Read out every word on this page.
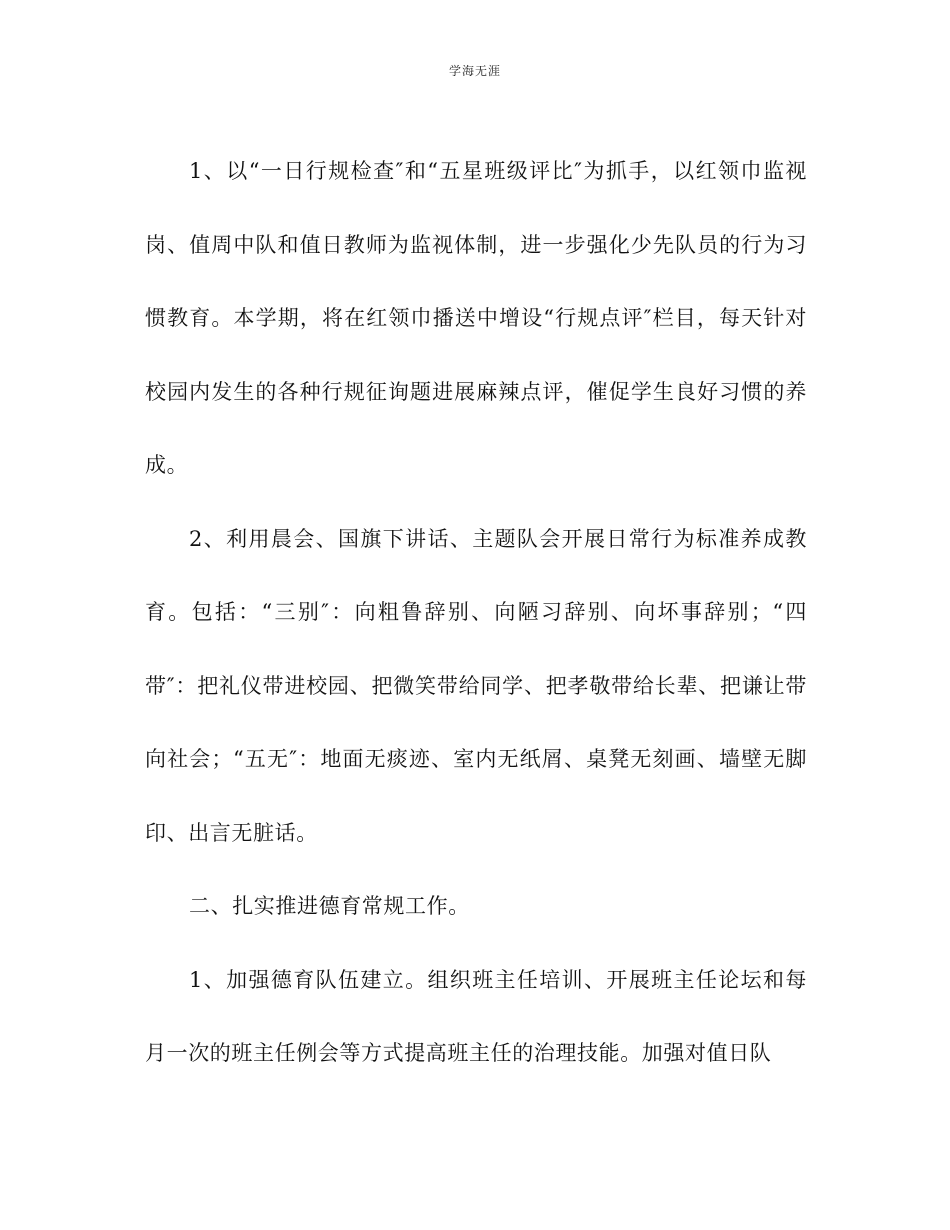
学海无涯

1、以“一日行规检查″和“五星班级评比″为抓手，以红领巾监视岗、值周中队和值日教师为监视体制，进一步强化少先队员的行为习惯教育。本学期，将在红领巾播送中增设“行规点评″栏目，每天针对校园内发生的各种行规征询题进展麻辣点评，催促学生良好习惯的养成。

2、利用晨会、国旗下讲话、主题队会开展日常行为标准养成教育。包括：“三别″：向粗鲁辞别、向陋习辞别、向坏事辞别；“四带″：把礼仪带进校园、把微笑带给同学、把孝敬带给长辈、把谦让带向社会；“五无″：地面无痰迹、室内无纸屑、桌凳无刻画、墙壁无脚印、出言无脏话。

二、扎实推进德育常规工作。

1、加强德育队伍建立。组织班主任培训、开展班主任论坛和每月一次的班主任例会等方式提高班主任的治理技能。加强对值日队
